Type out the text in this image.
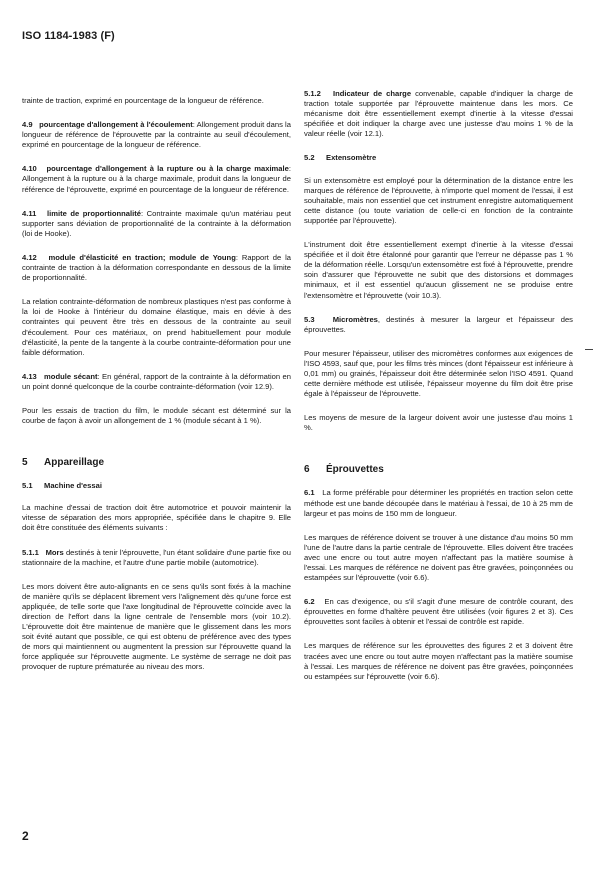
ISO 1184-1983 (F)

trainte de traction, exprimé en pourcentage de la longueur de référence.

4.9 pourcentage d'allongement à l'écoulement: Allongement produit dans la longueur de référence de l'éprouvette par la contrainte au seuil d'écoulement, exprimé en pourcentage de la longueur de référence.

4.10 pourcentage d'allongement à la rupture ou à la charge maximale: Allongement à la rupture ou à la charge maximale, produit dans la longueur de référence de l'éprouvette, exprimé en pourcentage de la longueur de référence.

4.11 limite de proportionnalité: Contrainte maximale qu'un matériau peut supporter sans déviation de proportionnalité de la contrainte à la déformation (loi de Hooke).

4.12 module d'élasticité en traction; module de Young: Rapport de la contrainte de traction à la déformation correspondante en dessous de la limite de proportionnalité.

La relation contrainte-déformation de nombreux plastiques n'est pas conforme à la loi de Hooke à l'intérieur du domaine élastique, mais en dévie à des contraintes qui peuvent être très en dessous de la contrainte au seuil d'écoulement. Pour ces matériaux, on prend habituellement pour module d'élasticité, la pente de la tangente à la courbe contrainte-déformation pour une faible déformation.

4.13 module sécant: En général, rapport de la contrainte à la déformation en un point donné quelconque de la courbe contrainte-déformation (voir 12.9).

Pour les essais de traction du film, le module sécant est déterminé sur la courbe de façon à avoir un allongement de 1 % (module sécant à 1 %).

5 Appareillage

5.1 Machine d'essai

La machine d'essai de traction doit être automotrice et pouvoir maintenir la vitesse de séparation des mors appropriée, spécifiée dans le chapitre 9. Elle doit être constituée des éléments suivants :

5.1.1 Mors destinés à tenir l'éprouvette, l'un étant solidaire d'une partie fixe ou stationnaire de la machine, et l'autre d'une partie mobile (automotrice).

Les mors doivent être auto-alignants en ce sens qu'ils sont fixés à la machine de manière qu'ils se déplacent librement vers l'alignement dès qu'une force est appliquée, de telle sorte que l'axe longitudinal de l'éprouvette coïncide avec la direction de l'effort dans la ligne centrale de l'ensemble mors (voir 10.2). L'éprouvette doit être maintenue de manière que le glissement dans les mors soit évité autant que possible, ce qui est obtenu de préférence avec des types de mors qui maintiennent ou augmentent la pression sur l'éprouvette quand la force appliquée sur l'éprouvette augmente. Le système de serrage ne doit pas provoquer de rupture prématurée au niveau des mors.

5.1.2 Indicateur de charge convenable, capable d'indiquer la charge de traction totale supportée par l'éprouvette maintenue dans les mors. Ce mécanisme doit être essentiellement exempt d'inertie à la vitesse d'essai spécifiée et doit indiquer la charge avec une justesse d'au moins 1 % de la valeur réelle (voir 12.1).

5.2 Extensomètre

Si un extensomètre est employé pour la détermination de la distance entre les marques de référence de l'éprouvette, à n'importe quel moment de l'essai, il est souhaitable, mais non essentiel que cet instrument enregistre automatiquement cette distance (ou toute variation de celle-ci en fonction de la contrainte supportée par l'éprouvette).

L'instrument doit être essentiellement exempt d'inertie à la vitesse d'essai spécifiée et il doit être étalonné pour garantir que l'erreur ne dépasse pas 1 % de la déformation réelle. Lorsqu'un extensomètre est fixé à l'éprouvette, prendre soin d'assurer que l'éprouvette ne subit que des distorsions et dommages minimaux, et il est essentiel qu'aucun glissement ne se produise entre l'extensomètre et l'éprouvette (voir 10.3).

5.3 Micromètres, destinés à mesurer la largeur et l'épaisseur des éprouvettes.

Pour mesurer l'épaisseur, utiliser des micromètres conformes aux exigences de l'ISO 4593, sauf que, pour les films très minces (dont l'épaisseur est inférieure à 0,01 mm) ou grainés, l'épaisseur doit être déterminée selon l'ISO 4591. Quand cette dernière méthode est utilisée, l'épaisseur moyenne du film doit être prise égale à l'épaisseur de l'éprouvette.

Les moyens de mesure de la largeur doivent avoir une justesse d'au moins 1 %.

6 Éprouvettes

6.1 La forme préférable pour déterminer les propriétés en traction selon cette méthode est une bande découpée dans le matériau à l'essai, de 10 à 25 mm de largeur et pas moins de 150 mm de longueur.

Les marques de référence doivent se trouver à une distance d'au moins 50 mm l'une de l'autre dans la partie centrale de l'éprouvette. Elles doivent être tracées avec une encre ou tout autre moyen n'affectant pas la matière soumise à l'essai. Les marques de référence ne doivent pas être gravées, poinçonnées ou estampées sur l'éprouvette (voir 6.6).

6.2 En cas d'exigence, ou s'il s'agit d'une mesure de contrôle courant, des éprouvettes en forme d'haltère peuvent être utilisées (voir figures 2 et 3). Ces éprouvettes sont faciles à obtenir et l'essai de contrôle est rapide.

Les marques de référence sur les éprouvettes des figures 2 et 3 doivent être tracées avec une encre ou tout autre moyen n'affectant pas la matière soumise à l'essai. Les marques de référence ne doivent pas être gravées, poinçonnées ou estampées sur l'éprouvette (voir 6.6).

2
